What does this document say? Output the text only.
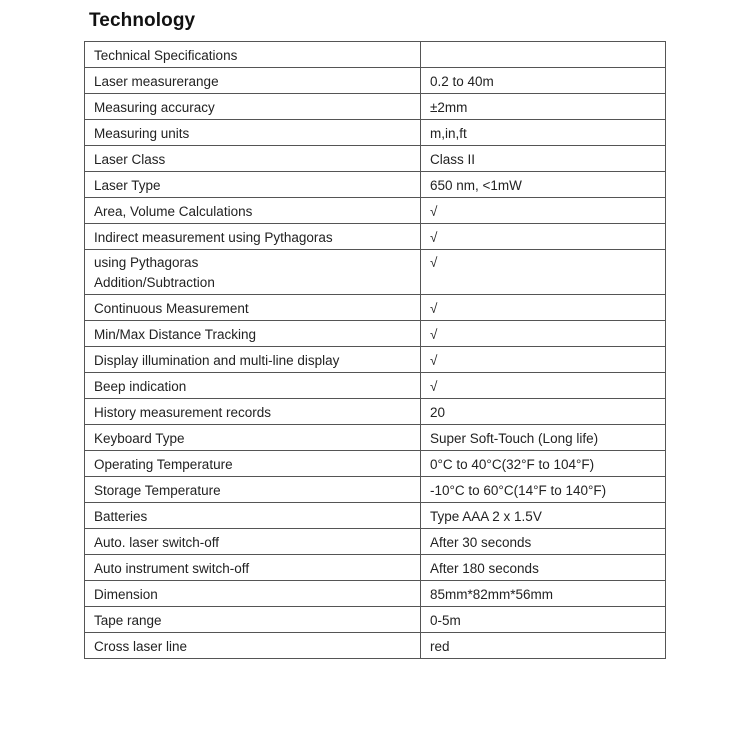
Technology
Technical Specifications	
Laser measurerange	0.2 to 40m
Measuring accuracy	±2mm
Measuring units	m,in,ft
Laser Class	Class II
Laser Type	650 nm, <1mW
Area, Volume Calculations	√
Indirect measurement using Pythagoras	√
using Pythagoras
Addition/Subtraction	√
Continuous Measurement	√
Min/Max Distance Tracking	√
Display illumination and multi-line display	√
Beep indication	√
History measurement records	20
Keyboard Type	Super Soft-Touch (Long life)
Operating Temperature	0°C to 40°C(32°F to 104°F)
Storage Temperature	-10°C to 60°C(14°F to 140°F)
Batteries	Type AAA 2 x 1.5V
Auto. laser switch-off	After 30 seconds
Auto instrument switch-off	After 180 seconds
Dimension	85mm*82mm*56mm
Tape range	0-5m
Cross laser line	red
